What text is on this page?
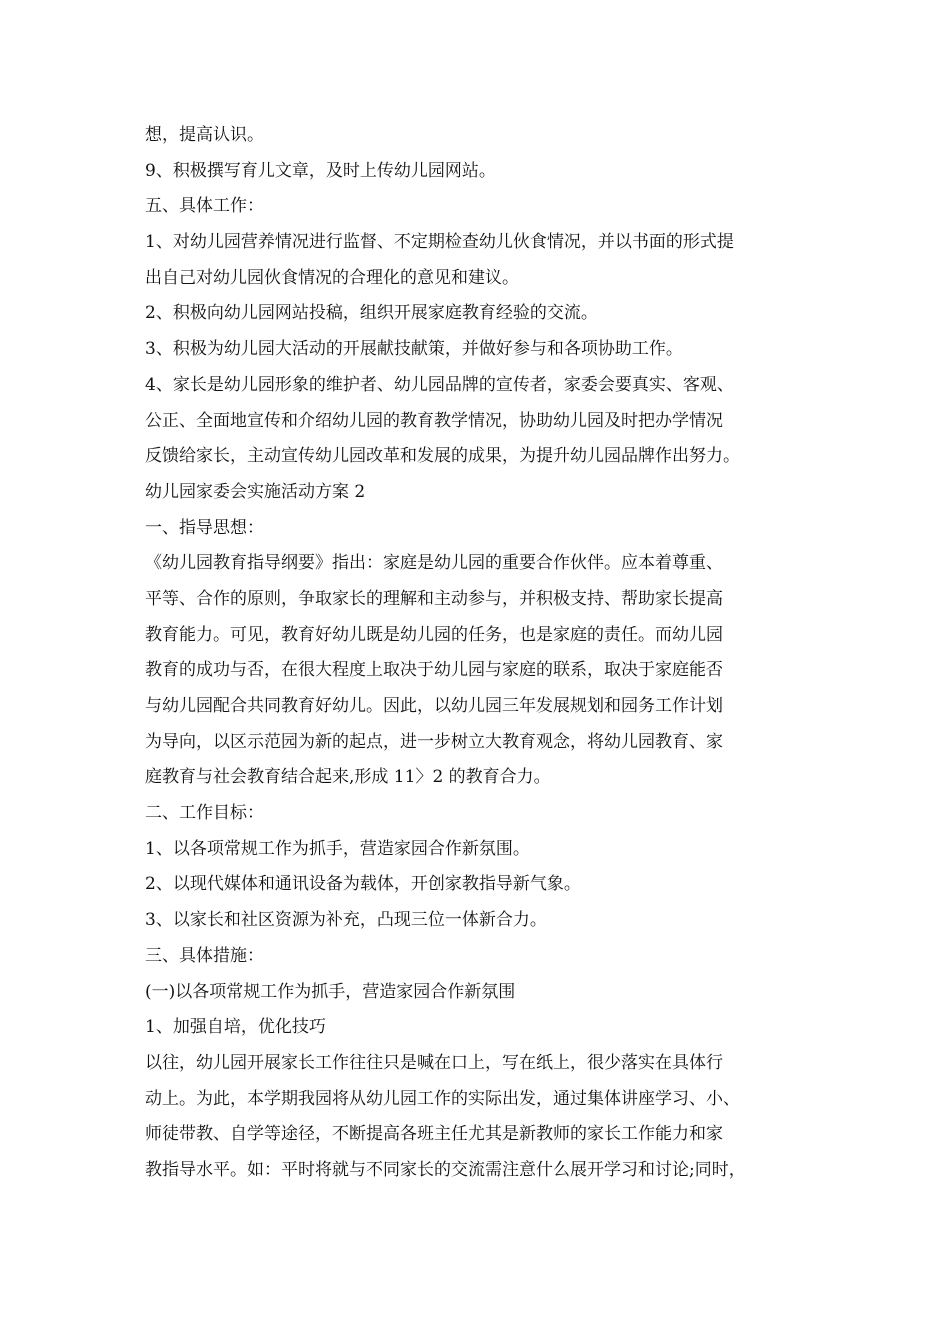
想，提高认识。
9、积极撰写育儿文章，及时上传幼儿园网站。
五、具体工作：
1、对幼儿园营养情况进行监督、不定期检查幼儿伙食情况，并以书面的形式提
出自己对幼儿园伙食情况的合理化的意见和建议。
2、积极向幼儿园网站投稿，组织开展家庭教育经验的交流。
3、积极为幼儿园大活动的开展献技献策，并做好参与和各项协助工作。
4、家长是幼儿园形象的维护者、幼儿园品牌的宣传者，家委会要真实、客观、
公正、全面地宣传和介绍幼儿园的教育教学情况，协助幼儿园及时把办学情况
反馈给家长，主动宣传幼儿园改革和发展的成果，为提升幼儿园品牌作出努力。
幼儿园家委会实施活动方案 2
一、指导思想：
《幼儿园教育指导纲要》指出：家庭是幼儿园的重要合作伙伴。应本着尊重、
平等、合作的原则，争取家长的理解和主动参与，并积极支持、帮助家长提高
教育能力。可见，教育好幼儿既是幼儿园的任务，也是家庭的责任。而幼儿园
教育的成功与否，在很大程度上取决于幼儿园与家庭的联系，取决于家庭能否
与幼儿园配合共同教育好幼儿。因此，以幼儿园三年发展规划和园务工作计划
为导向，以区示范园为新的起点，进一步树立大教育观念，将幼儿园教育、家
庭教育与社会教育结合起来,形成 11〉2 的教育合力。
二、工作目标：
1、以各项常规工作为抓手，营造家园合作新氛围。
2、以现代媒体和通讯设备为载体，开创家教指导新气象。
3、以家长和社区资源为补充，凸现三位一体新合力。
三、具体措施：
(一)以各项常规工作为抓手，营造家园合作新氛围
1、加强自培，优化技巧
以往，幼儿园开展家长工作往往只是喊在口上，写在纸上，很少落实在具体行
动上。为此，本学期我园将从幼儿园工作的实际出发，通过集体讲座学习、小、
师徒带教、自学等途径，不断提高各班主任尤其是新教师的家长工作能力和家
教指导水平。如：平时将就与不同家长的交流需注意什么展开学习和讨论;同时，
